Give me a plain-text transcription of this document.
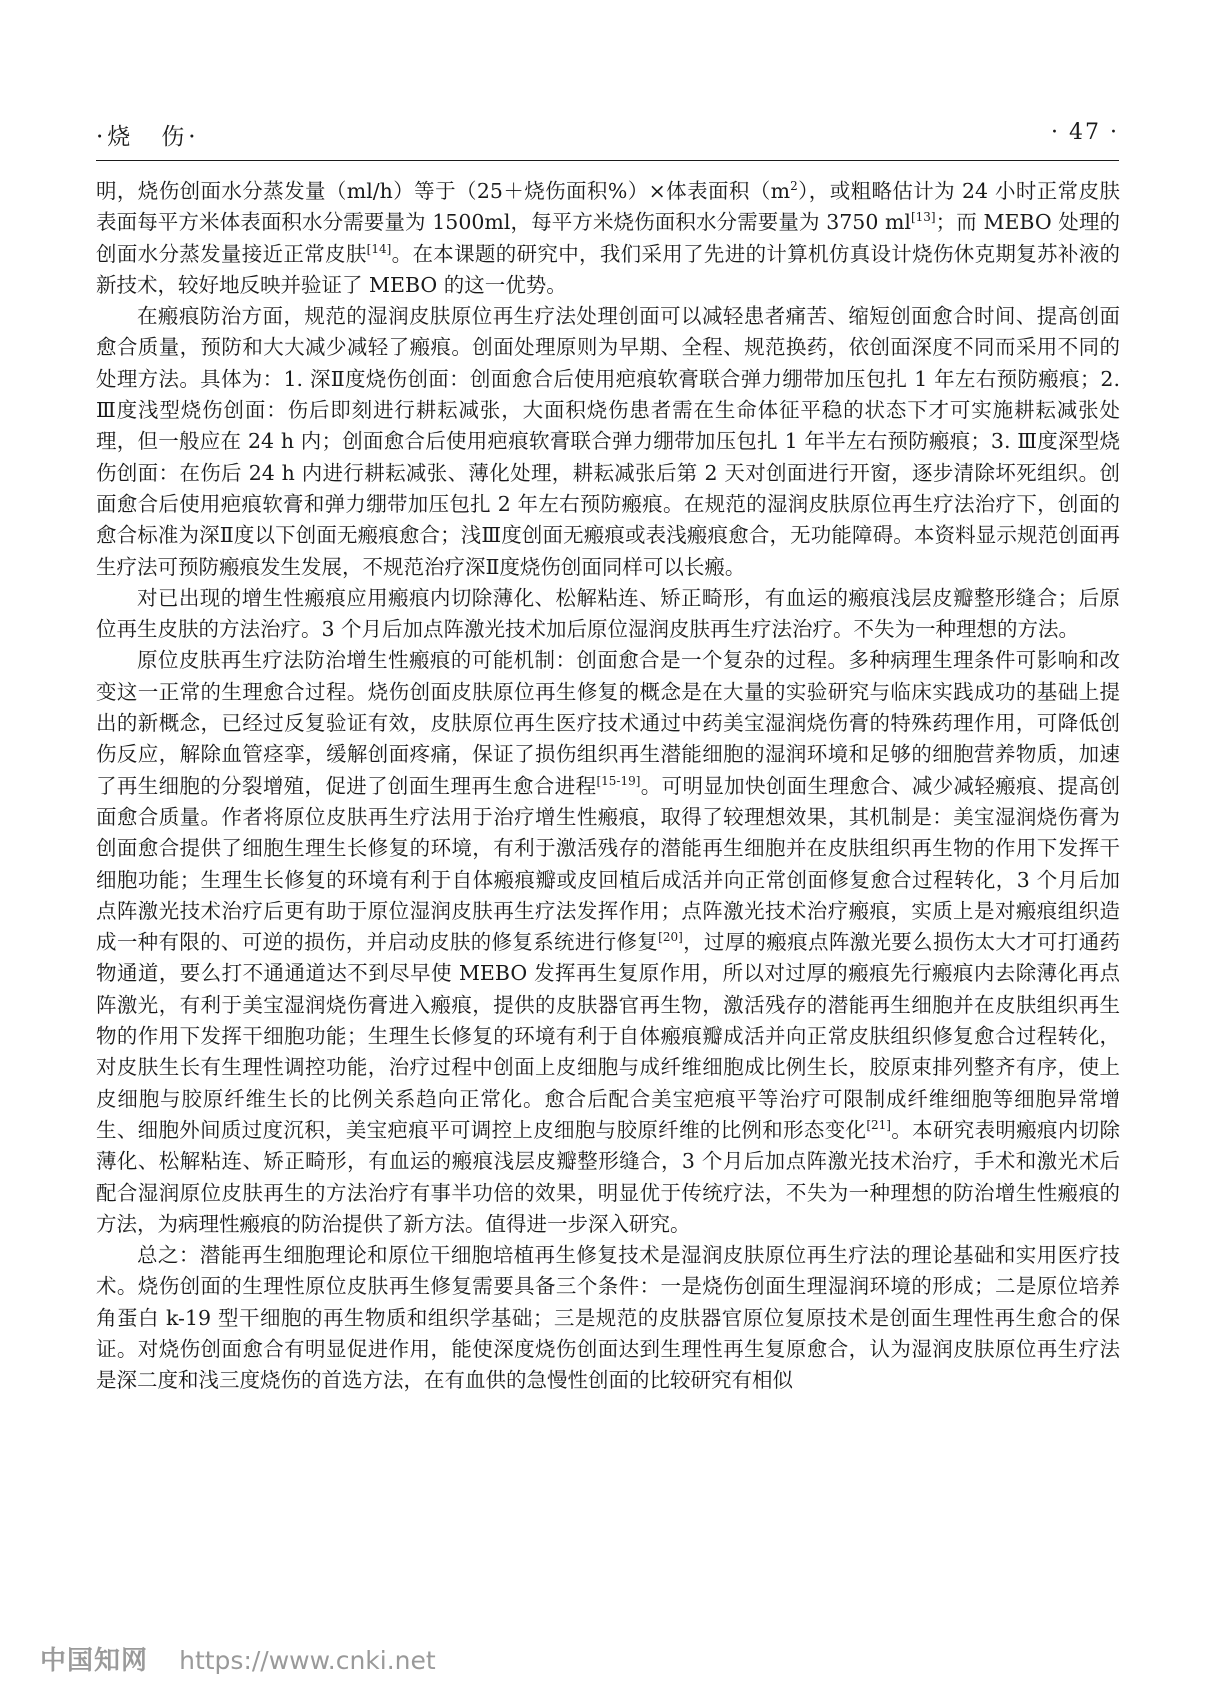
·烧　伤·	· 47 ·

明，烧伤创面水分蒸发量（ml/h）等于（25＋烧伤面积%）×体表面积$(m^2)$，或粗略估计为 24 小时正常皮肤表面每平方米体表面积水分需要量为 1500ml，每平方米烧伤面积水分需要量为 3750 ml[13]；而 MEBO 处理的创面水分蒸发量接近正常皮肤[14]。在本课题的研究中，我们采用了先进的计算机仿真设计烧伤休克期复苏补液的新技术，较好地反映并验证了 MEBO 的这一优势。

在瘢痕防治方面，规范的湿润皮肤原位再生疗法处理创面可以减轻患者痛苦、缩短创面愈合时间、提高创面愈合质量，预防和大大减少减轻了瘢痕。创面处理原则为早期、全程、规范换药，依创面深度不同而采用不同的处理方法。具体为：1. 深Ⅱ度烧伤创面：创面愈合后使用疤痕软膏联合弹力绷带加压包扎 1 年左右预防瘢痕；2. Ⅲ度浅型烧伤创面：伤后即刻进行耕耘减张，大面积烧伤患者需在生命体征平稳的状态下才可实施耕耘减张处理，但一般应在 24 h 内；创面愈合后使用疤痕软膏联合弹力绷带加压包扎 1 年半左右预防瘢痕；3. Ⅲ度深型烧伤创面：在伤后 24 h 内进行耕耘减张、薄化处理，耕耘减张后第 2 天对创面进行开窗，逐步清除坏死组织。创面愈合后使用疤痕软膏和弹力绷带加压包扎 2 年左右预防瘢痕。在规范的湿润皮肤原位再生疗法治疗下，创面的愈合标准为深Ⅱ度以下创面无瘢痕愈合；浅Ⅲ度创面无瘢痕或表浅瘢痕愈合，无功能障碍。本资料显示规范创面再生疗法可预防瘢痕发生发展，不规范治疗深Ⅱ度烧伤创面同样可以长瘢。

对已出现的增生性瘢痕应用瘢痕内切除薄化、松解粘连、矫正畸形，有血运的瘢痕浅层皮瓣整形缝合；后原位再生皮肤的方法治疗。3 个月后加点阵激光技术加后原位湿润皮肤再生疗法治疗。不失为一种理想的方法。

原位皮肤再生疗法防治增生性瘢痕的可能机制：创面愈合是一个复杂的过程。多种病理生理条件可影响和改变这一正常的生理愈合过程。烧伤创面皮肤原位再生修复的概念是在大量的实验研究与临床实践成功的基础上提出的新概念，已经过反复验证有效，皮肤原位再生医疗技术通过中药美宝湿润烧伤膏的特殊药理作用，可降低创伤反应，解除血管痉挛，缓解创面疼痛，保证了损伤组织再生潜能细胞的湿润环境和足够的细胞营养物质，加速了再生细胞的分裂增殖，促进了创面生理再生愈合进程[15-19]。可明显加快创面生理愈合、减少减轻瘢痕、提高创面愈合质量。作者将原位皮肤再生疗法用于治疗增生性瘢痕，取得了较理想效果，其机制是：美宝湿润烧伤膏为创面愈合提供了细胞生理生长修复的环境，有利于激活残存的潜能再生细胞并在皮肤组织再生物的作用下发挥干细胞功能；生理生长修复的环境有利于自体瘢痕瓣或皮回植后成活并向正常创面修复愈合过程转化，3 个月后加点阵激光技术治疗后更有助于原位湿润皮肤再生疗法发挥作用；点阵激光技术治疗瘢痕，实质上是对瘢痕组织造成一种有限的、可逆的损伤，并启动皮肤的修复系统进行修复[20]，过厚的瘢痕点阵激光要么损伤太大才可打通药物通道，要么打不通通道达不到尽早使 MEBO 发挥再生复原作用，所以对过厚的瘢痕先行瘢痕内去除薄化再点阵激光，有利于美宝湿润烧伤膏进入瘢痕，提供的皮肤器官再生物，激活残存的潜能再生细胞并在皮肤组织再生物的作用下发挥干细胞功能；生理生长修复的环境有利于自体瘢痕瓣成活并向正常皮肤组织修复愈合过程转化，对皮肤生长有生理性调控功能，治疗过程中创面上皮细胞与成纤维细胞成比例生长，胶原束排列整齐有序，使上皮细胞与胶原纤维生长的比例关系趋向正常化。愈合后配合美宝疤痕平等治疗可限制成纤维细胞等细胞异常增生、细胞外间质过度沉积，美宝疤痕平可调控上皮细胞与胶原纤维的比例和形态变化[21]。本研究表明瘢痕内切除薄化、松解粘连、矫正畸形，有血运的瘢痕浅层皮瓣整形缝合，3 个月后加点阵激光技术治疗，手术和激光术后配合湿润原位皮肤再生的方法治疗有事半功倍的效果，明显优于传统疗法，不失为一种理想的防治增生性瘢痕的方法，为病理性瘢痕的防治提供了新方法。值得进一步深入研究。

总之：潜能再生细胞理论和原位干细胞培植再生修复技术是湿润皮肤原位再生疗法的理论基础和实用医疗技术。烧伤创面的生理性原位皮肤再生修复需要具备三个条件：一是烧伤创面生理湿润环境的形成；二是原位培养角蛋白 k-19 型干细胞的再生物质和组织学基础；三是规范的皮肤器官原位复原技术是创面生理性再生愈合的保证。对烧伤创面愈合有明显促进作用，能使深度烧伤创面达到生理性再生复原愈合，认为湿润皮肤原位再生疗法是深二度和浅三度烧伤的首选方法，在有血供的急慢性创面的比较研究有相似

中国知网 https://www.cnki.net
